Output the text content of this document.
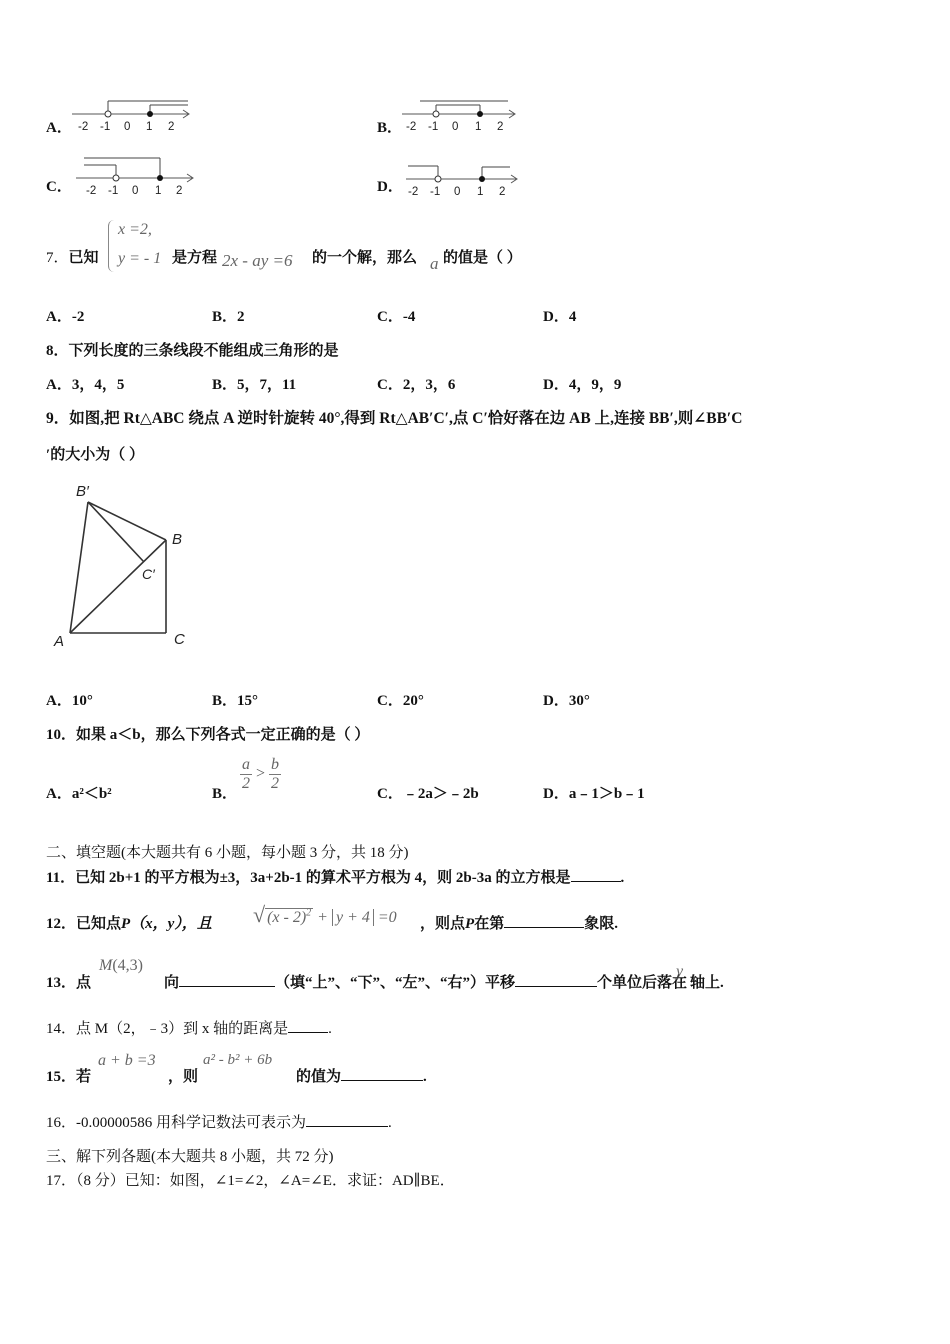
A． -2 -1 0 1 2	B． -2 -1 0 1 2
C． -2 -1 0 1 2	D． -2 -1 0 1 2
7．已知
x =2,
y = - 1 是方程 2x - ay =6 的一个解，那么 a 的值是（ ）
A．-2	B．2	C．-4	D．4
8．下列长度的三条线段不能组成三角形的是
A．3，4，5	B．5，7，11	C．2，3，6	D．4，9，9
9．如图,把 Rt△ABC 绕点 A 逆时针旋转 40°,得到 Rt△AB′C′,点 C′恰好落在边 AB 上,连接 BB′,则∠BB′C
′的大小为（ ）
B′
B
C′
A	C
A．10°	B．15°	C．20°	D．30°
10．如果 a＜b，那么下列各式一定正确的是（ ）
A．a²＜b²	B．
$\frac{a}{2} > \frac{b}{2}$
C．﹣2a＞﹣2b	D．a﹣1＞b﹣1
二、填空题(本大题共有 6 小题，每小题 3 分，共 18 分)
11．已知 2b+1 的平方根为±3，3a+2b-1 的算术平方根为 4，则 2b-3a 的立方根是	.
12．已知点P（x，y），且 √ (x - 2)$^2$ + y + 4 =0 ，则点P在第	象限.
13．点
M(4,3)
向	（填“上”、“下”、“左”、“右”）平移	个单位后落在
y
轴上.
14．点 M（2，﹣3）到 x 轴的距离是	.
15．若
a + b =3
，则
a² - b² + 6b
的值为	.
16．-0.00000586 用科学记数法可表示为	.
三、解下列各题(本大题共 8 小题，共 72 分)
17．（8 分）已知：如图，∠1=∠2，∠A=∠E．求证：AD∥BE．
